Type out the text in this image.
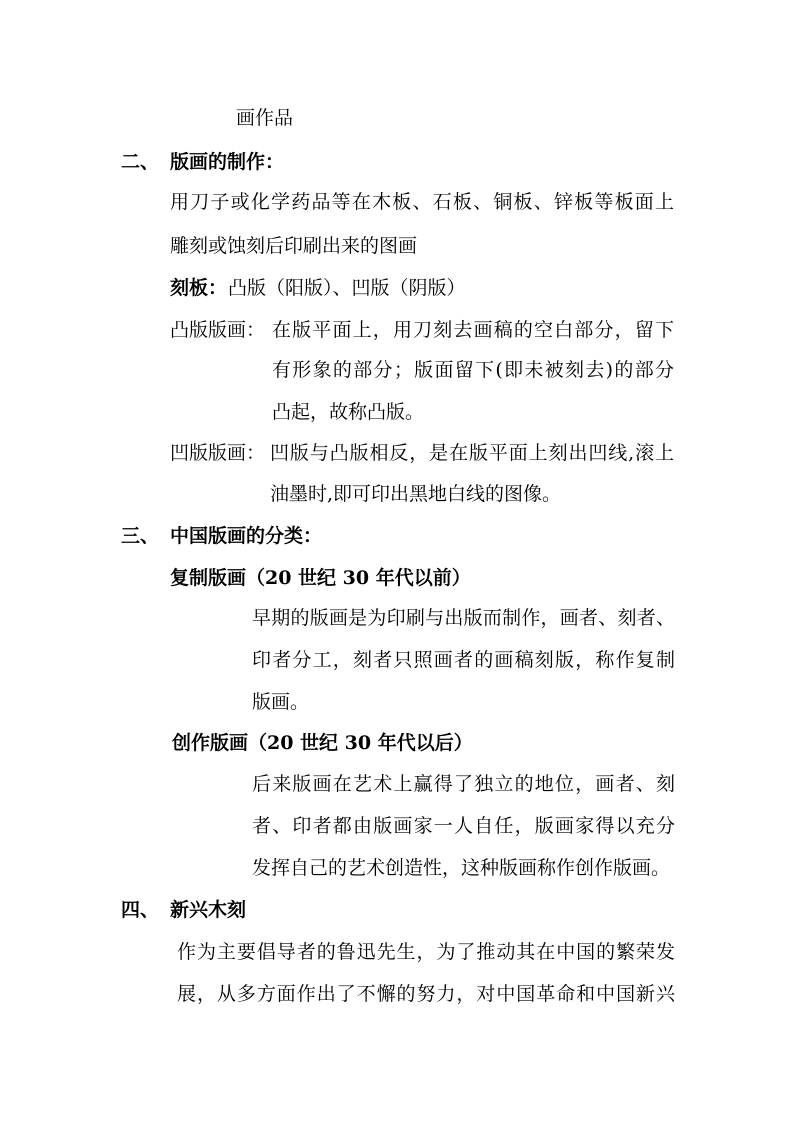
画作品
二、 版画的制作：
用刀子或化学药品等在木板、石板、铜板、锌板等板面上
雕刻或蚀刻后印刷出来的图画
刻板： 凸版（阳版）、凹版（阴版）
凸版版画： 在版平面上，用刀刻去画稿的空白部分，留下
有形象的部分；版面留下(即未被刻去)的部分
凸起，故称凸版。
凹版版画： 凹版与凸版相反，是在版平面上刻出凹线,滚上
油墨时,即可印出黑地白线的图像。
三、 中国版画的分类：
复制版画（20 世纪 30 年代以前）
早期的版画是为印刷与出版而制作，画者、刻者、
印者分工，刻者只照画者的画稿刻版，称作复制
版画。
创作版画（20 世纪 30 年代以后）
后来版画在艺术上赢得了独立的地位，画者、刻
者、印者都由版画家一人自任，版画家得以充分
发挥自己的艺术创造性，这种版画称作创作版画。
四、 新兴木刻
作为主要倡导者的鲁迅先生，为了推动其在中国的繁荣发
展，从多方面作出了不懈的努力，对中国革命和中国新兴
